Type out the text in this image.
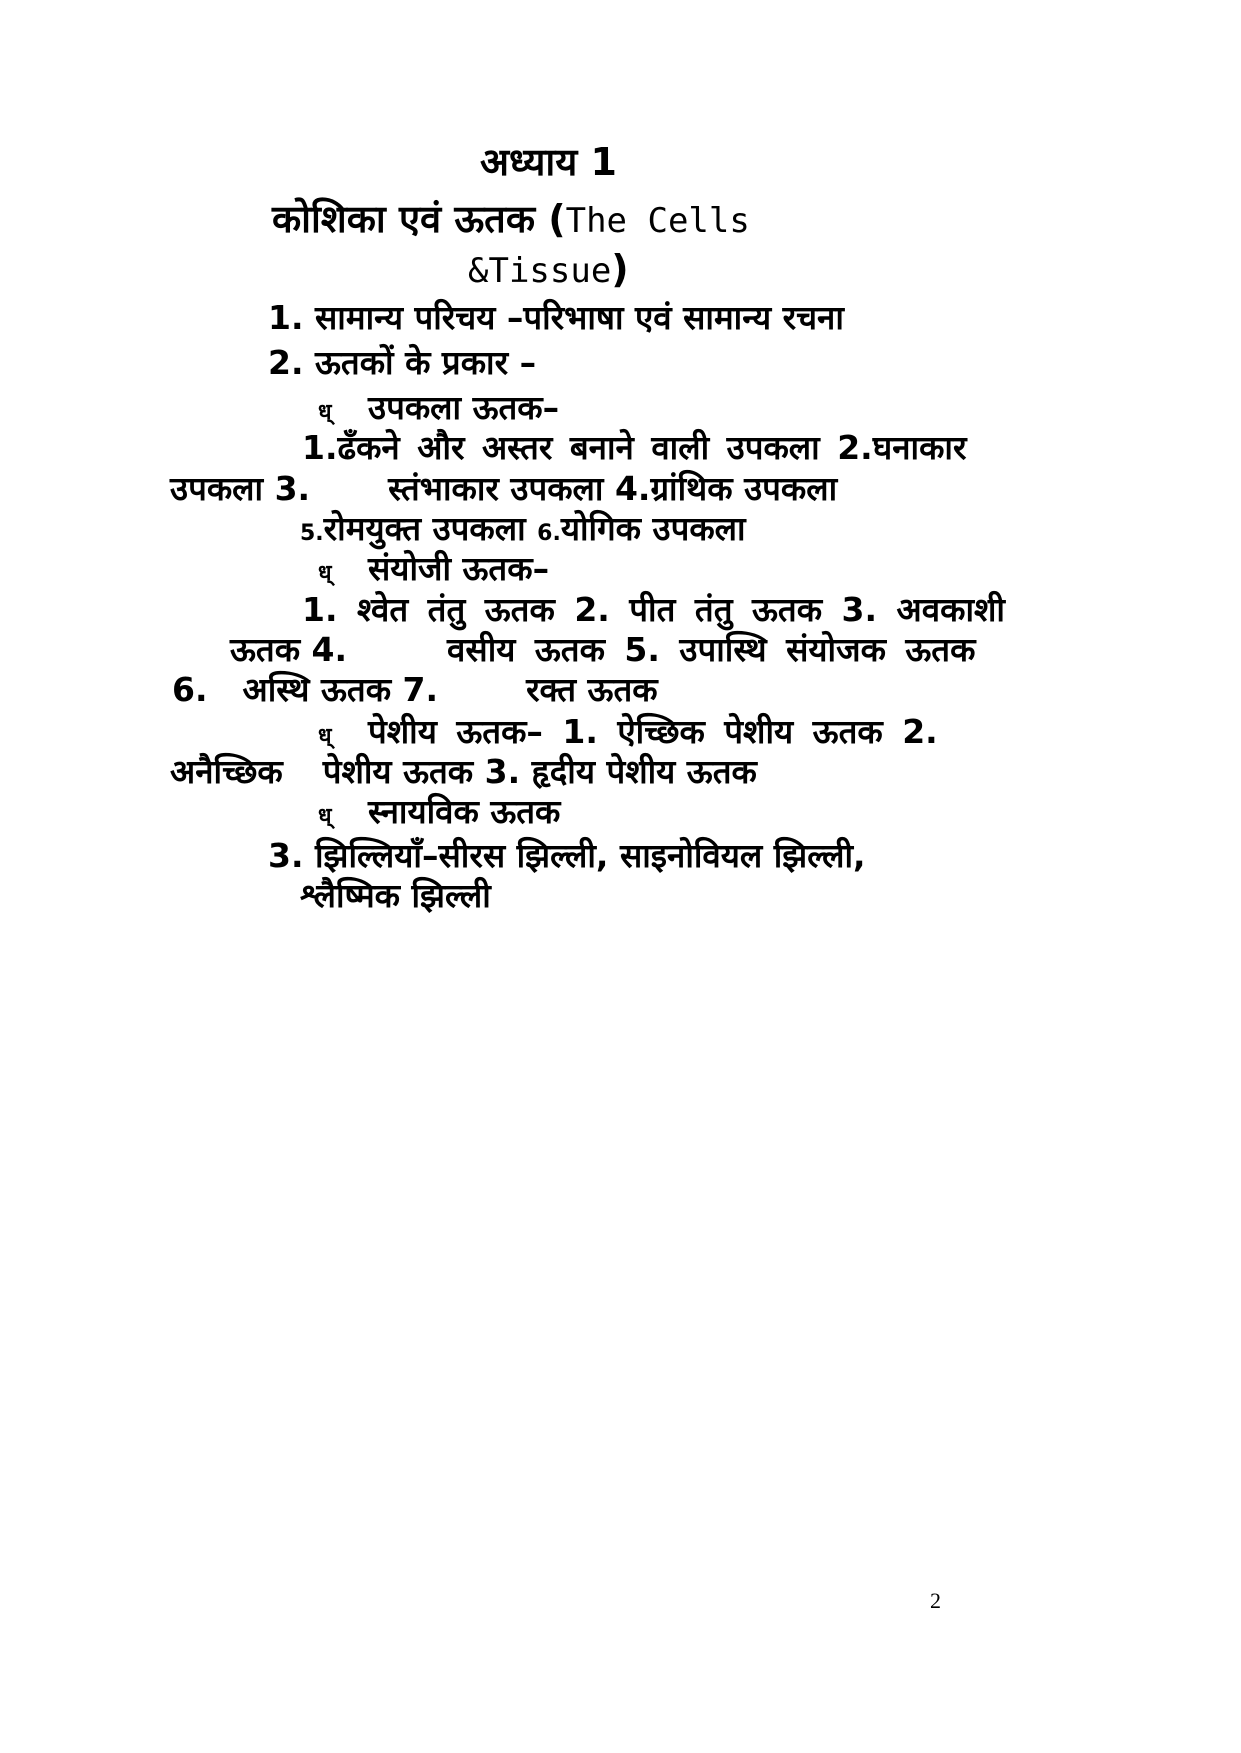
अध्याय 1
कोशिका एवं ऊतक (The Cells
&Tissue)
1. सामान्य परिचय –परिभाषा एवं सामान्य रचना
2. ऊतकों के प्रकार –
ध् उपकला ऊतक–
1.ढँकने और अस्तर बनाने वाली उपकला 2.घनाकार
उपकला 3. स्तंभाकार उपकला 4.ग्रांथिक उपकला
5.रोमयुक्त उपकला 6.योगिक उपकला
ध् संयोजी ऊतक–
1. श्वेत तंतु ऊतक 2. पीत तंतु ऊतक 3. अवकाशी
ऊतक 4.	वसीय ऊतक 5. उपास्थि संयोजक ऊतक
6. अस्थि ऊतक 7.	रक्त ऊतक
ध् पेशीय ऊतक– 1. ऐच्छिक पेशीय ऊतक 2.
अनैच्छिक पेशीय ऊतक 3. हृदीय पेशीय ऊतक
ध् स्नायविक ऊतक
3. झिल्लियाँ–सीरस झिल्ली, साइनोवियल झिल्ली,
श्लैष्मिक झिल्ली
2
